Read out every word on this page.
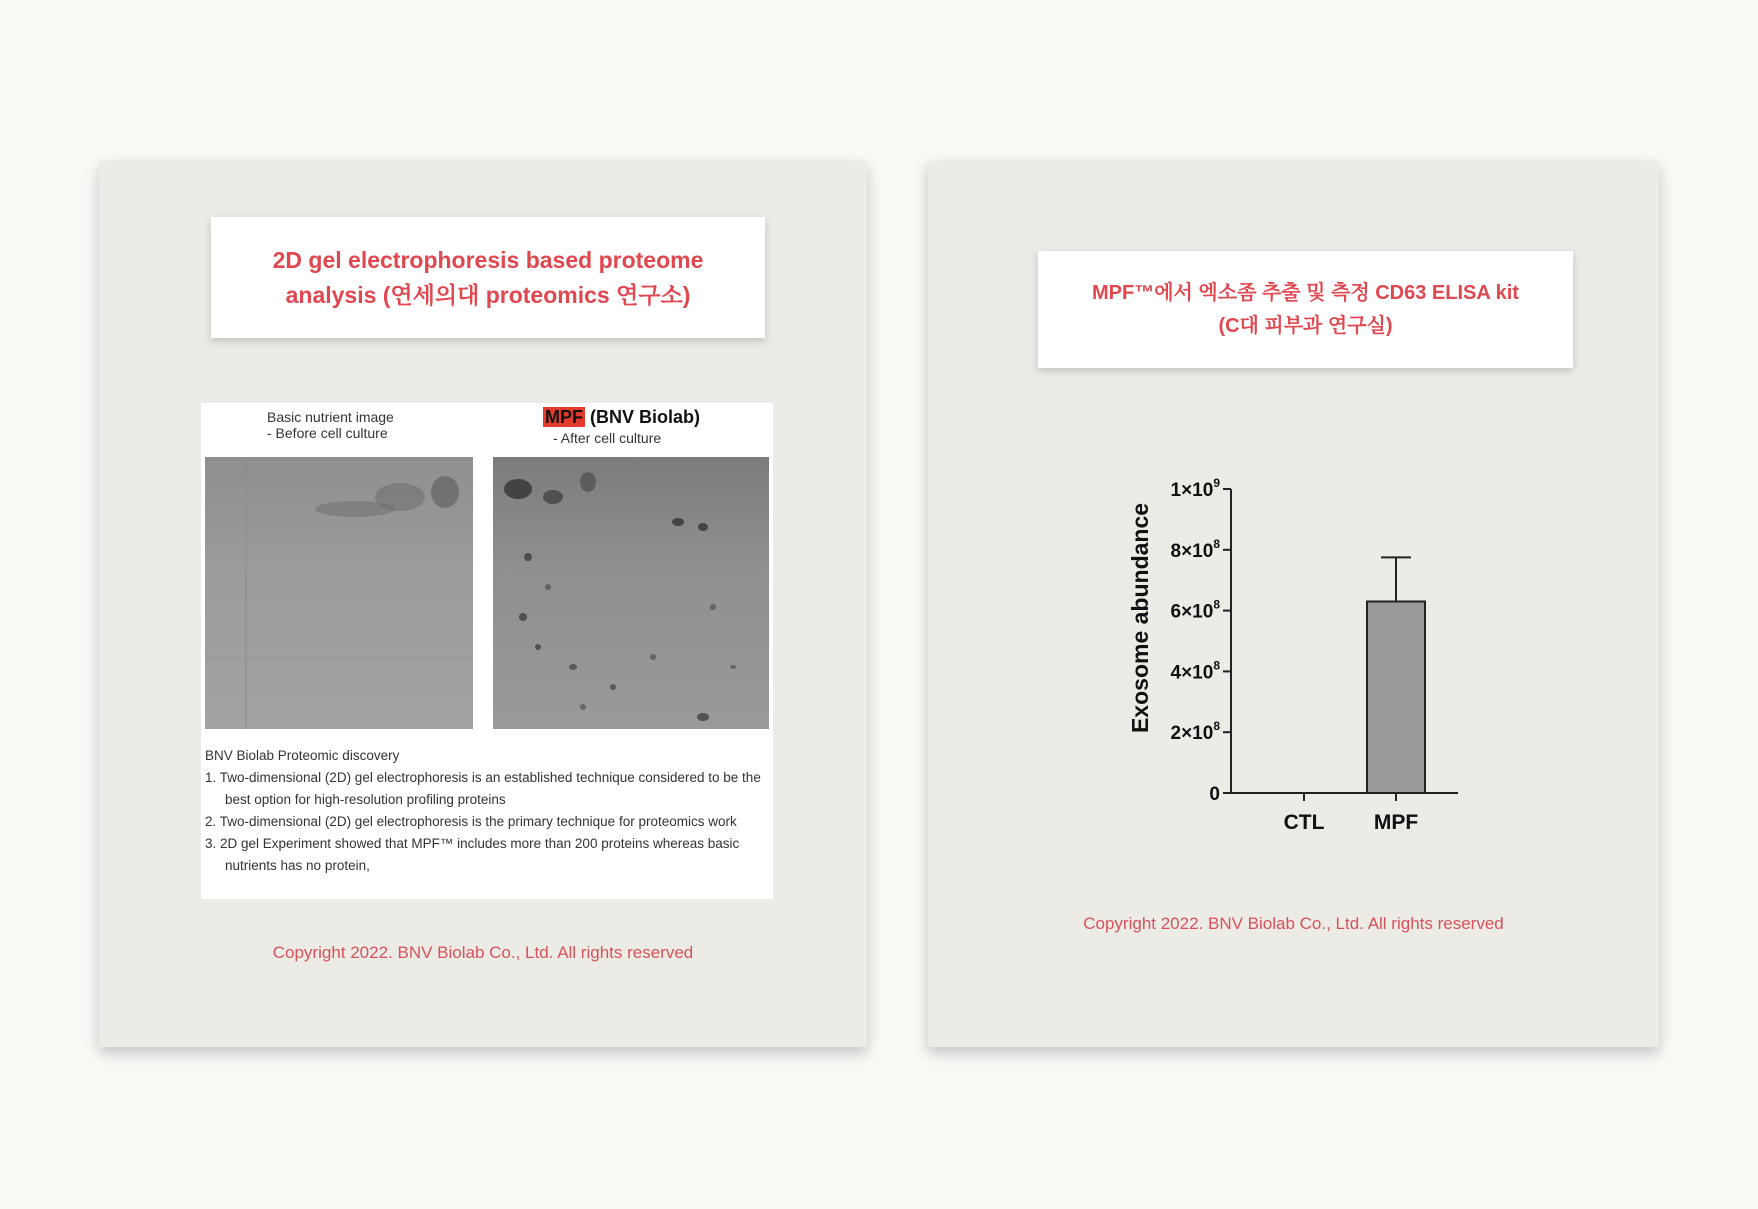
2D gel electrophoresis based proteome
analysis (연세의대 proteomics 연구소)
Basic nutrient image
- Before cell culture
MPF (BNV Biolab)
- After cell culture
BNV Biolab Proteomic discovery
1. Two-dimensional (2D) gel electrophoresis is an established technique considered to be the best option for high-resolution profiling proteins
2. Two-dimensional (2D) gel electrophoresis is the primary technique for proteomics work
3. 2D gel Experiment showed that MPF™ includes more than 200 proteins whereas basic nutrients has no protein,
Copyright 2022. BNV Biolab Co., Ltd. All rights reserved
MPF™에서 엑소좀 추출 및 측정 CD63 ELISA kit
(C대 피부과 연구실)
Exosome abundance
0
$2\times 10^8$
$4\times 10^8$
$6\times 10^8$
$8\times 10^8$
$1\times 10^9$
CTL MPF
Copyright 2022. BNV Biolab Co., Ltd. All rights reserved
